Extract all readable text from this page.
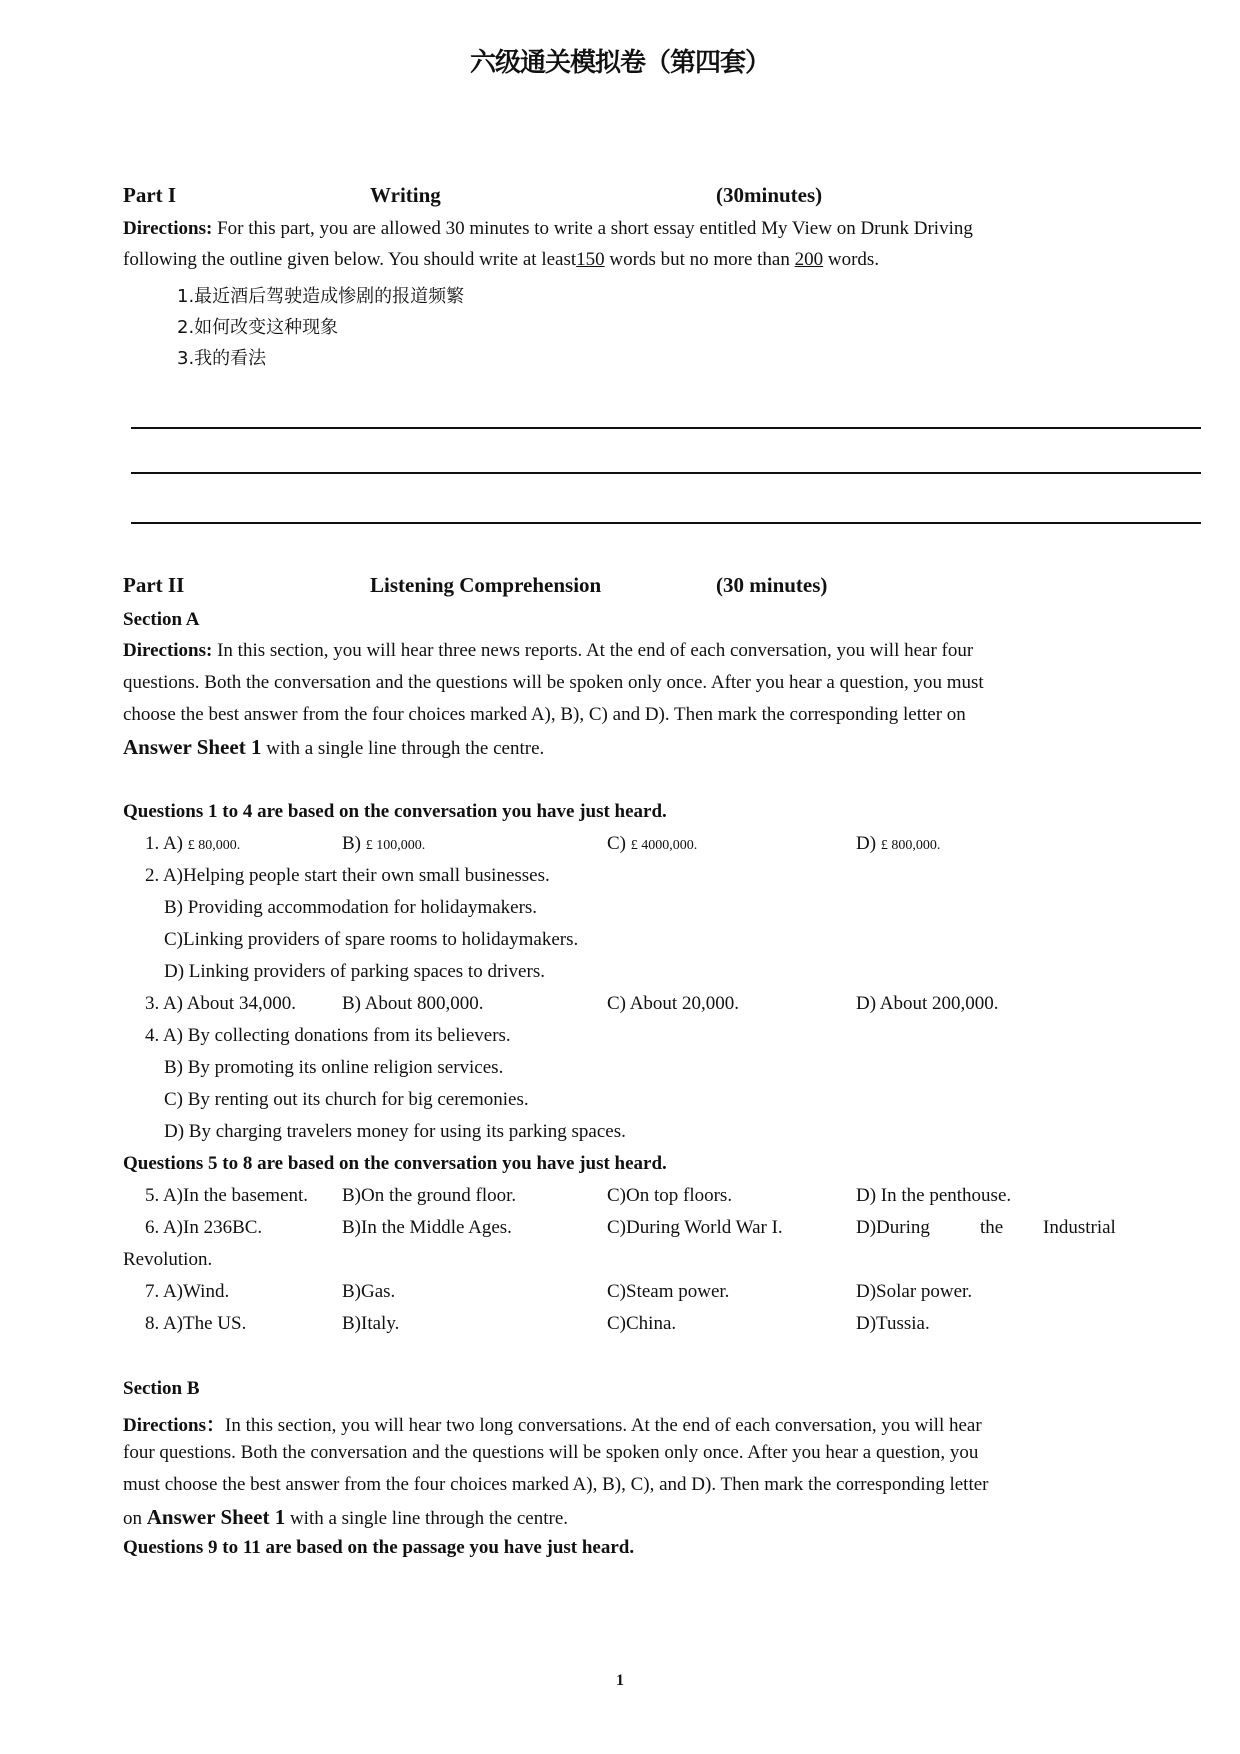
六级通关模拟卷（第四套）
Part I	Writing	(30minutes)
Directions: For this part, you are allowed 30 minutes to write a short essay entitled My View on Drunk Driving
following the outline given below. You should write at least150 words but no more than 200 words.
1.最近酒后驾驶造成惨剧的报道频繁
2.如何改变这种现象
3.我的看法
Part II	Listening Comprehension	(30 minutes)
Section A
Directions: In this section, you will hear three news reports. At the end of each conversation, you will hear four
questions. Both the conversation and the questions will be spoken only once. After you hear a question, you must
choose the best answer from the four choices marked A), B), C) and D). Then mark the corresponding letter on
Answer Sheet 1 with a single line through the centre.
Questions 1 to 4 are based on the conversation you have just heard.
1. A) £ 80,000.	B) £ 100,000.	C) £ 4000,000.	D) £ 800,000.
2. A)Helping people start their own small businesses.
B) Providing accommodation for holidaymakers.
C)Linking providers of spare rooms to holidaymakers.
D) Linking providers of parking spaces to drivers.
3. A) About 34,000. B) About 800,000.	C) About 20,000.	D) About 200,000.
4. A) By collecting donations from its believers.
B) By promoting its online religion services.
C) By renting out its church for big ceremonies.
D) By charging travelers money for using its parking spaces.
Questions 5 to 8 are based on the conversation you have just heard.
5. A)In the basement. B)On the ground floor.	C)On top floors.	D) In the penthouse.
6. A)In 236BC.	B)In the Middle Ages.	C)During World War I.	D)During	the Industrial
Revolution.
7. A)Wind.	B)Gas.	C)Steam power.	D)Solar power.
8. A)The US.	B)Italy.	C)China.	D)Tussia.
Section B
Directions：In this section, you will hear two long conversations. At the end of each conversation, you will hear
four questions. Both the conversation and the questions will be spoken only once. After you hear a question, you
must choose the best answer from the four choices marked A), B), C), and D). Then mark the corresponding letter
on Answer Sheet 1 with a single line through the centre.
Questions 9 to 11 are based on the passage you have just heard.
1
